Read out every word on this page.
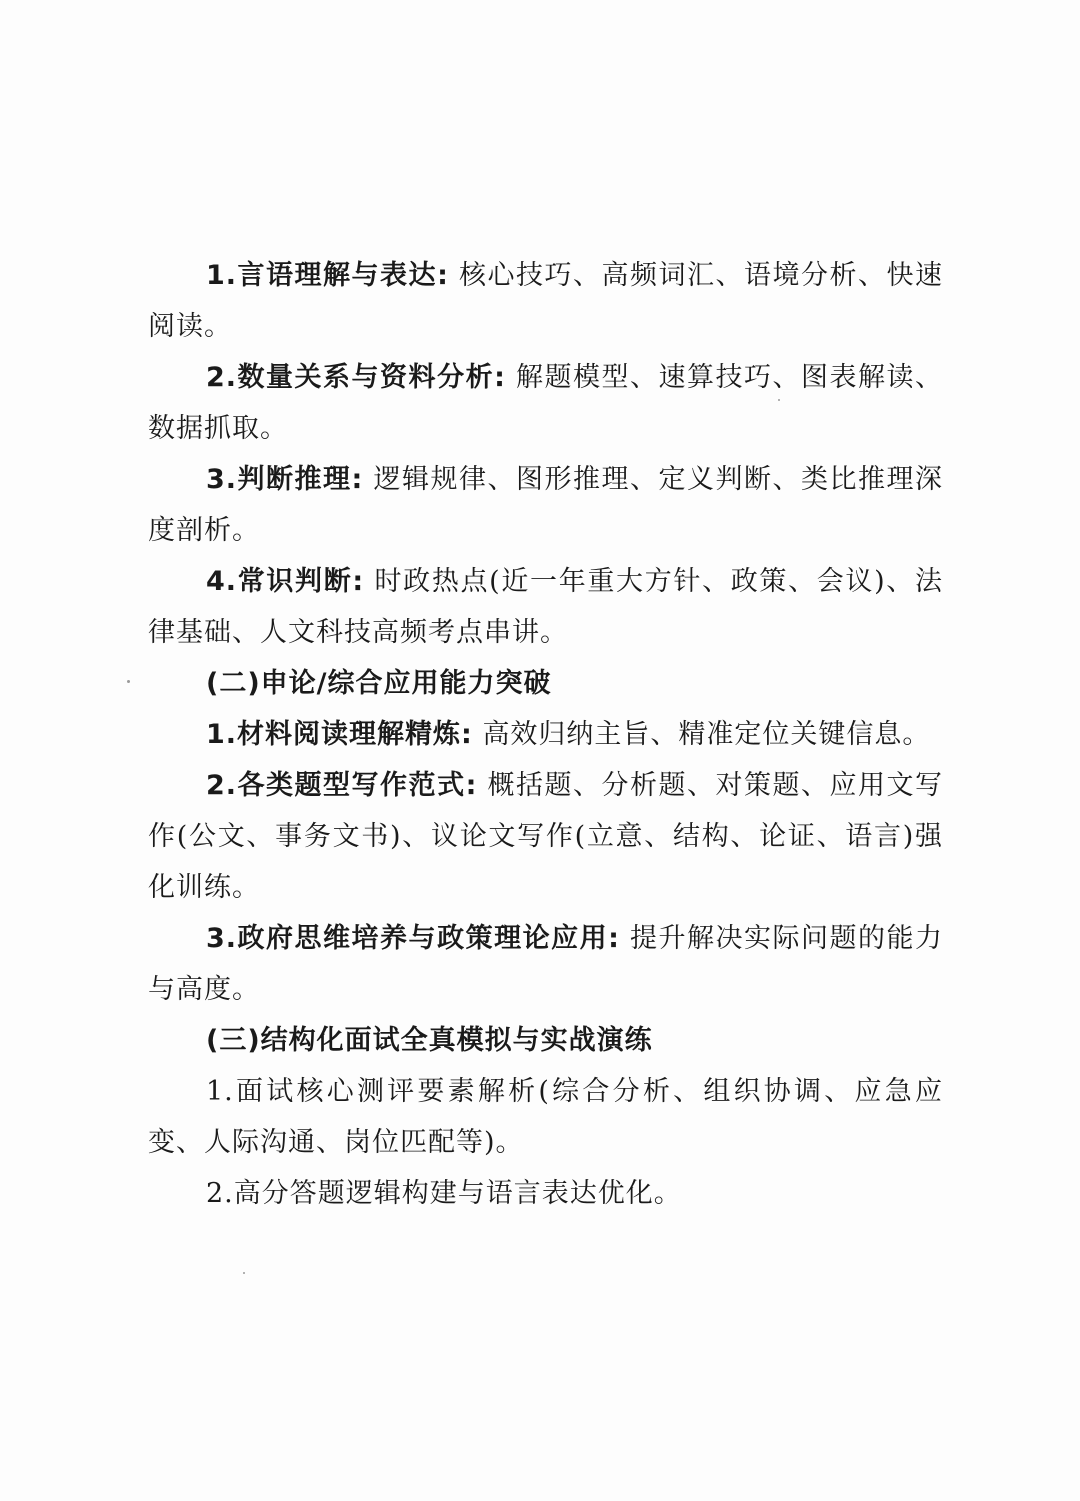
1.言语理解与表达: 核心技巧、高频词汇、语境分析、快速阅读。

2.数量关系与资料分析: 解题模型、速算技巧、图表解读、数据抓取。

3.判断推理: 逻辑规律、图形推理、定义判断、类比推理深度剖析。

4.常识判断: 时政热点(近一年重大方针、政策、会议)、法律基础、人文科技高频考点串讲。

(二)申论/综合应用能力突破

1.材料阅读理解精炼: 高效归纳主旨、精准定位关键信息。

2.各类题型写作范式: 概括题、分析题、对策题、应用文写作(公文、事务文书)、议论文写作(立意、结构、论证、语言)强化训练。

3.政府思维培养与政策理论应用: 提升解决实际问题的能力与高度。

(三)结构化面试全真模拟与实战演练

1.面试核心测评要素解析(综合分析、组织协调、应急应变、人际沟通、岗位匹配等)。

2.高分答题逻辑构建与语言表达优化。
